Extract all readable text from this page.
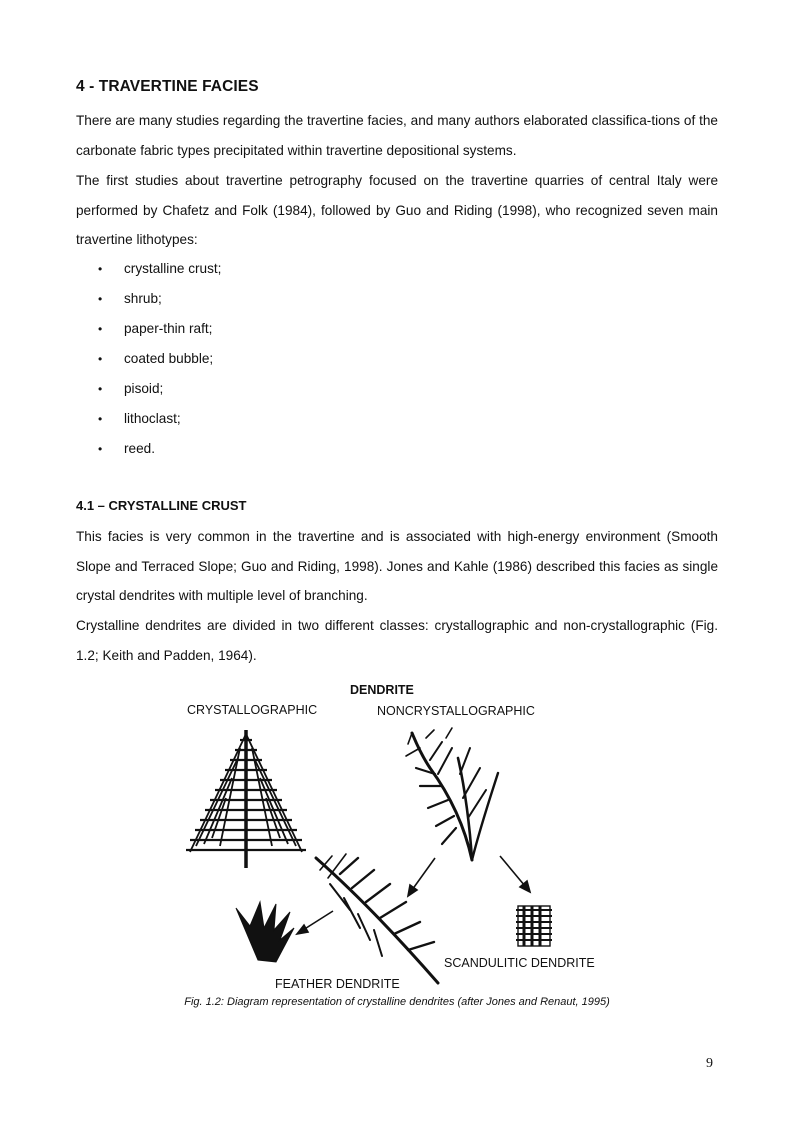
4 - TRAVERTINE FACIES
There are many studies regarding the travertine facies, and many authors elaborated classifica-tions of the carbonate fabric types precipitated within travertine depositional systems.
The first studies about travertine petrography focused on the travertine quarries of central Italy were performed by Chafetz and Folk (1984), followed by Guo and Riding (1998), who recognized seven main travertine lithotypes:
• crystalline crust;
• shrub;
• paper-thin raft;
• coated bubble;
• pisoid;
• lithoclast;
• reed.
4.1 – CRYSTALLINE CRUST
This facies is very common in the travertine and is associated with high-energy environment (Smooth Slope and Terraced Slope; Guo and Riding, 1998). Jones and Kahle (1986) described this facies as single crystal dendrites with multiple level of branching.
Crystalline dendrites are divided in two different classes: crystallographic and non-crystallographic (Fig. 1.2; Keith and Padden, 1964).
DENDRITE
CRYSTALLOGRAPHIC	NONCRYSTALLOGRAPHIC
FEATHER DENDRITE
SCANDULITIC DENDRITE
Fig. 1.2: Diagram representation of crystalline dendrites (after Jones and Renaut, 1995)
9
